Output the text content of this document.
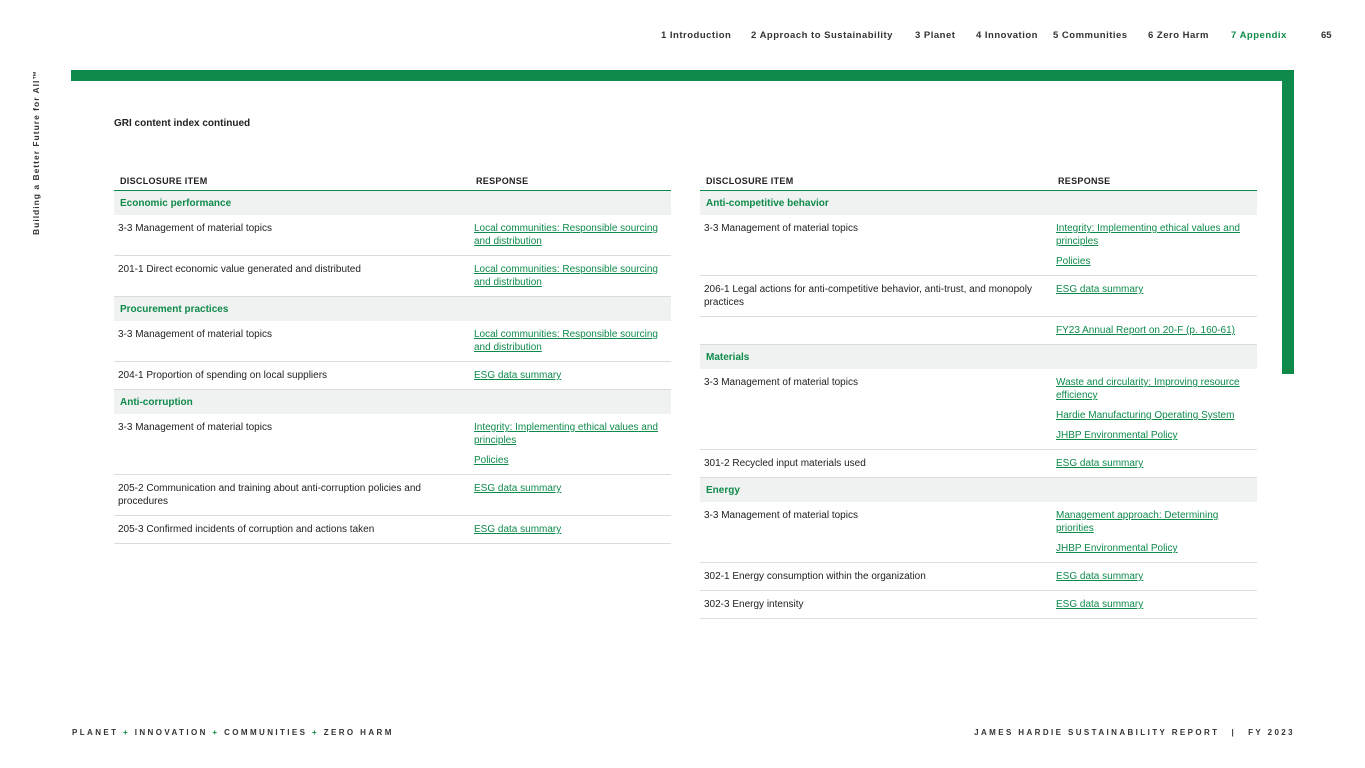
1 Introduction 2 Approach to Sustainability 3 Planet 4 Innovation 5 Communities 6 Zero Harm 7 Appendix	65
Building a Better Future for All™	GRI content index continued
DISCLOSURE ITEM	RESPONSE
Economic performance	
3-3 Management of material topics	Local communities: Responsible sourcing and distribution

201-1 Direct economic value generated and distributed	Local communities: Responsible sourcing and distribution

Procurement practices	
3-3 Management of material topics	Local communities: Responsible sourcing and distribution

204-1 Proportion of spending on local suppliers	ESG data summary

Anti-corruption	
3-3 Management of material topics	Integrity: Implementing ethical values and principles
Policies

205-2 Communication and training about anti-corruption policies and procedures	ESG data summary

205-3 Confirmed incidents of corruption and actions taken	ESG data summary
DISCLOSURE ITEM	RESPONSE
Anti-competitive behavior	
3-3 Management of material topics	Integrity: Implementing ethical values and principles
Policies

206-1 Legal actions for anti-competitive behavior, anti-trust, and monopoly practices	ESG data summary

	FY23 Annual Report on 20-F (p. 160-61)

Materials	
3-3 Management of material topics	Waste and circularity: Improving resource efficiency
Hardie Manufacturing Operating System
JHBP Environmental Policy

301-2 Recycled input materials used	ESG data summary

Energy	
3-3 Management of material topics	Management approach: Determining priorities
JHBP Environmental Policy

302-1 Energy consumption within the organization	ESG data summary

302-3 Energy intensity	ESG data summary
PLANET + INNOVATION + COMMUNITIES + ZERO HARM	JAMES HARDIE SUSTAINABILITY REPORT | FY 2023
